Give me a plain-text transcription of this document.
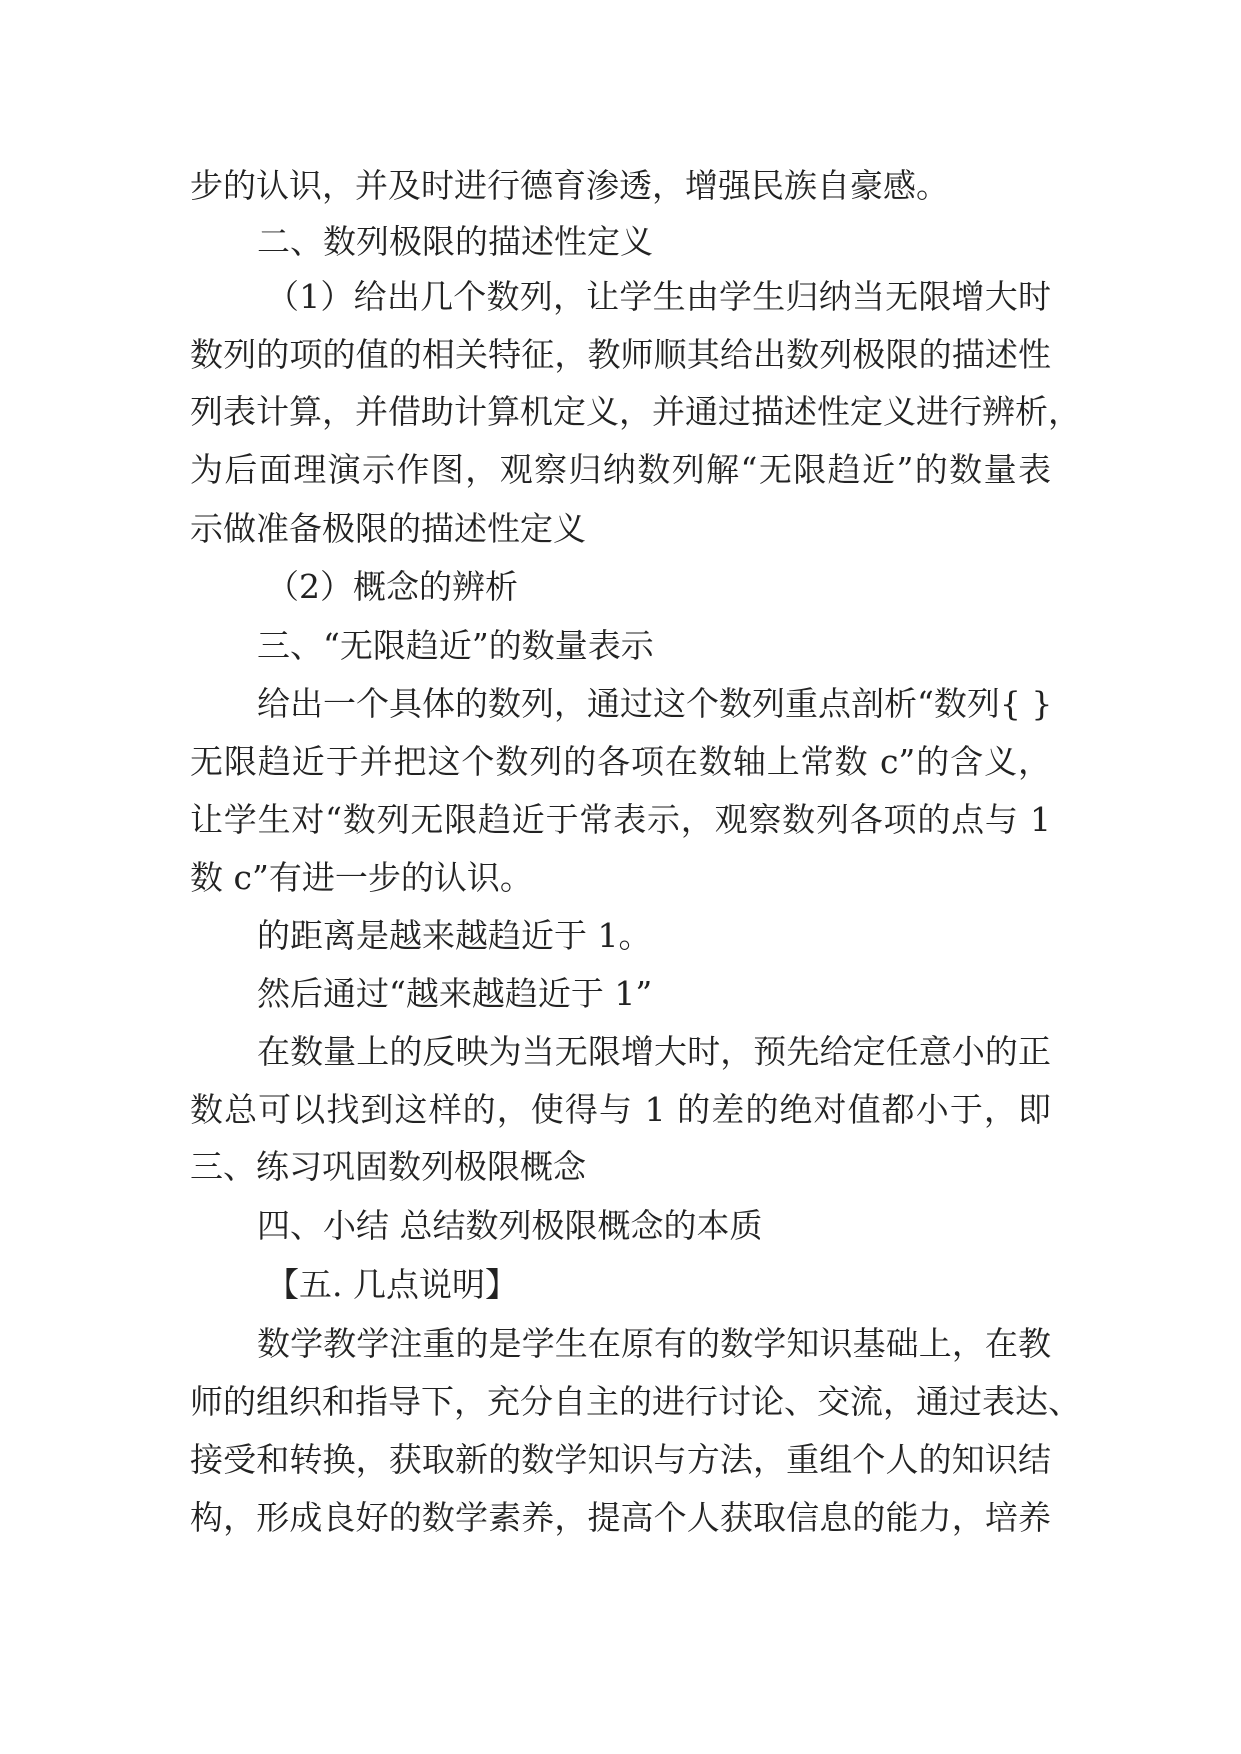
步的认识，并及时进行德育渗透，增强民族自豪感。
二、数列极限的描述性定义
（1）给出几个数列，让学生由学生归纳当无限增大时
数列的项的值的相关特征，教师顺其给出数列极限的描述性
列表计算，并借助计算机定义，并通过描述性定义进行辨析，
为后面理演示作图，观察归纳数列解“无限趋近”的数量表
示做准备极限的描述性定义
（2）概念的辨析
三、“无限趋近”的数量表示
给出一个具体的数列，通过这个数列重点剖析“数列{ }
无限趋近于并把这个数列的各项在数轴上常数 c”的含义，
让学生对“数列无限趋近于常表示，观察数列各项的点与 1
数 c”有进一步的认识。
的距离是越来越趋近于 1。
然后通过“越来越趋近于 1”
在数量上的反映为当无限增大时，预先给定任意小的正
数总可以找到这样的，使得与 1 的差的绝对值都小于，即
三、练习巩固数列极限概念
四、小结 总结数列极限概念的本质
【五. 几点说明】
数学教学注重的是学生在原有的数学知识基础上，在教
师的组织和指导下，充分自主的进行讨论、交流，通过表达、
接受和转换，获取新的数学知识与方法，重组个人的知识结
构，形成良好的数学素养，提高个人获取信息的能力，培养
